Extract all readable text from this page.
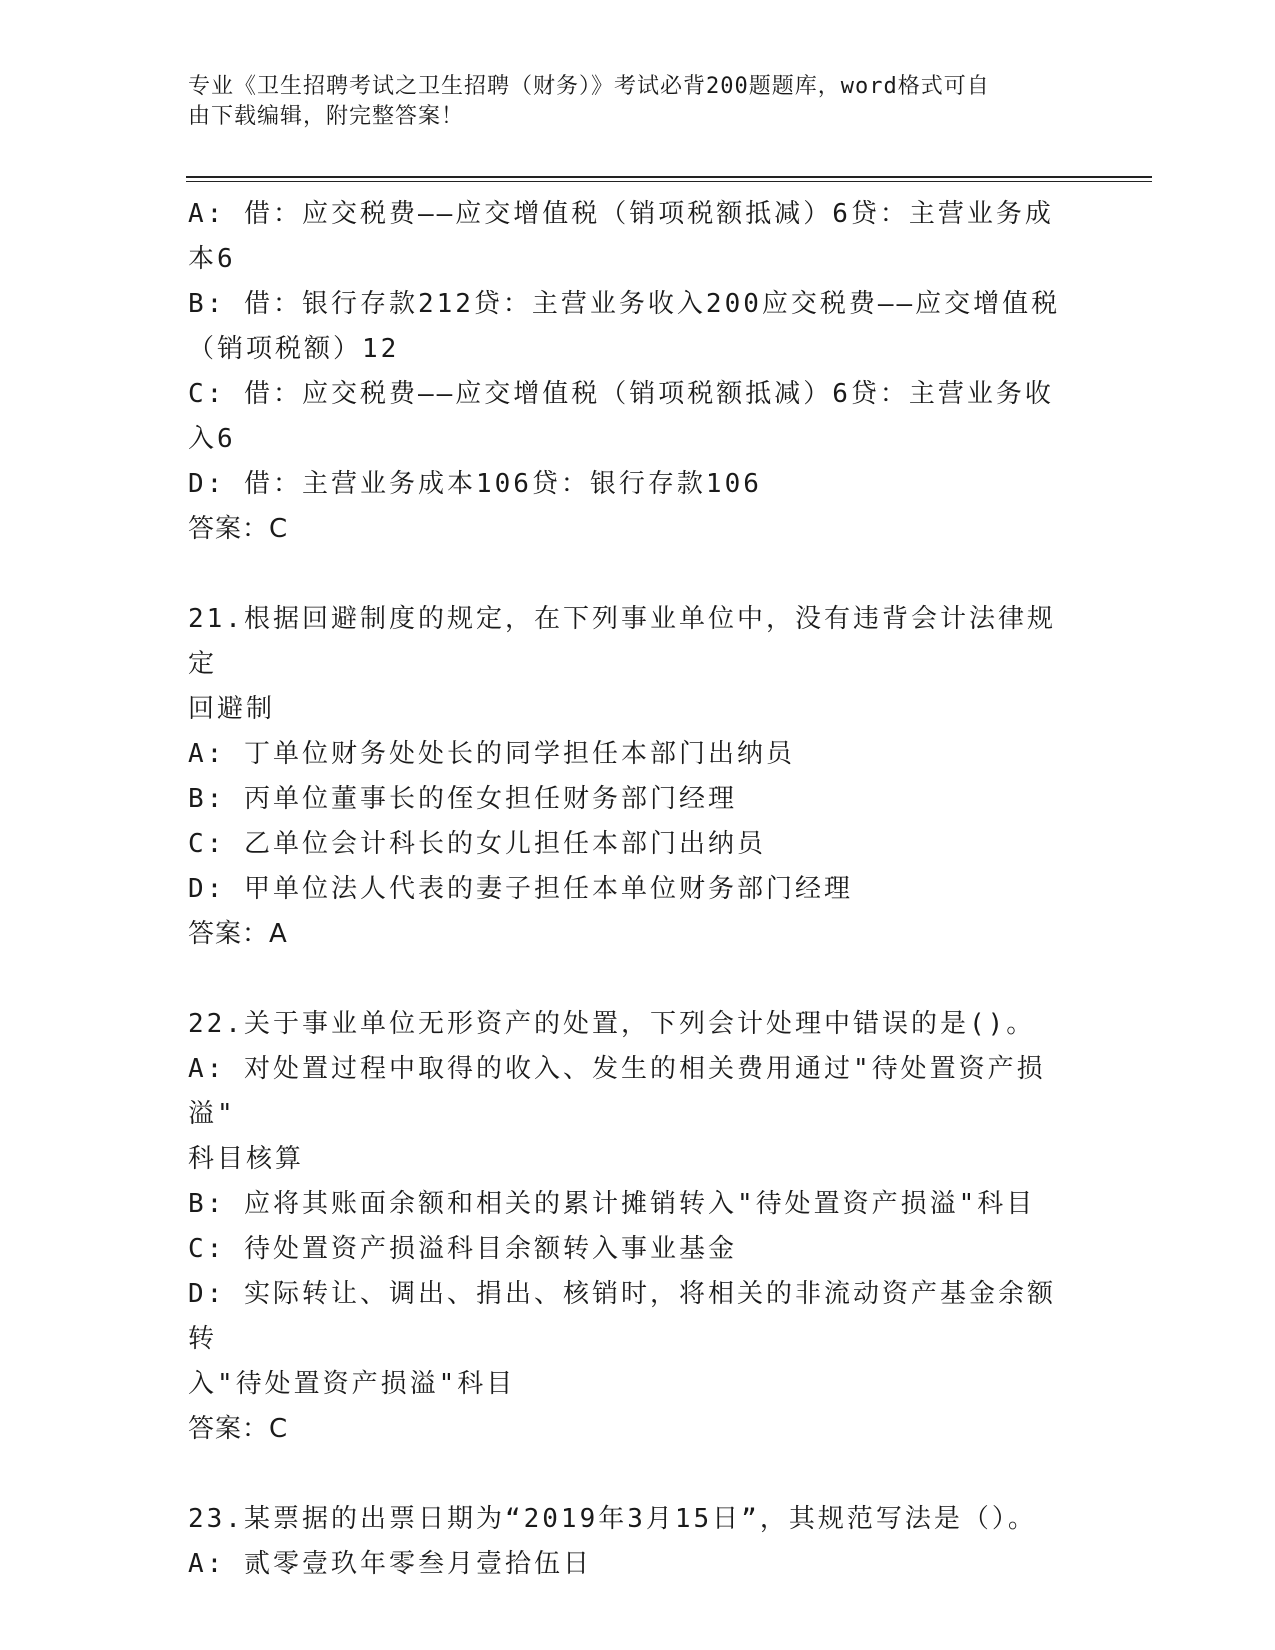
专业《卫生招聘考试之卫生招聘（财务）》考试必背200题题库，word格式可自
由下载编辑，附完整答案！
A: 借：应交税费——应交增值税（销项税额抵减）6贷：主营业务成
本6
B: 借：银行存款212贷：主营业务收入200应交税费——应交增值税
（销项税额）12
C: 借：应交税费——应交增值税（销项税额抵减）6贷：主营业务收
入6
D: 借：主营业务成本106贷：银行存款106
答案：C
21.根据回避制度的规定，在下列事业单位中，没有违背会计法律规定
回避制
A: 丁单位财务处处长的同学担任本部门出纳员
B: 丙单位董事长的侄女担任财务部门经理
C: 乙单位会计科长的女儿担任本部门出纳员
D: 甲单位法人代表的妻子担任本单位财务部门经理
答案：A
22.关于事业单位无形资产的处置，下列会计处理中错误的是()。
A: 对处置过程中取得的收入、发生的相关费用通过"待处置资产损溢"
科目核算
B: 应将其账面余额和相关的累计摊销转入"待处置资产损溢"科目
C: 待处置资产损溢科目余额转入事业基金
D: 实际转让、调出、捐出、核销时，将相关的非流动资产基金余额转
入"待处置资产损溢"科目
答案：C
23.某票据的出票日期为“2019年3月15日”，其规范写法是（）。
A: 贰零壹玖年零叁月壹拾伍日
